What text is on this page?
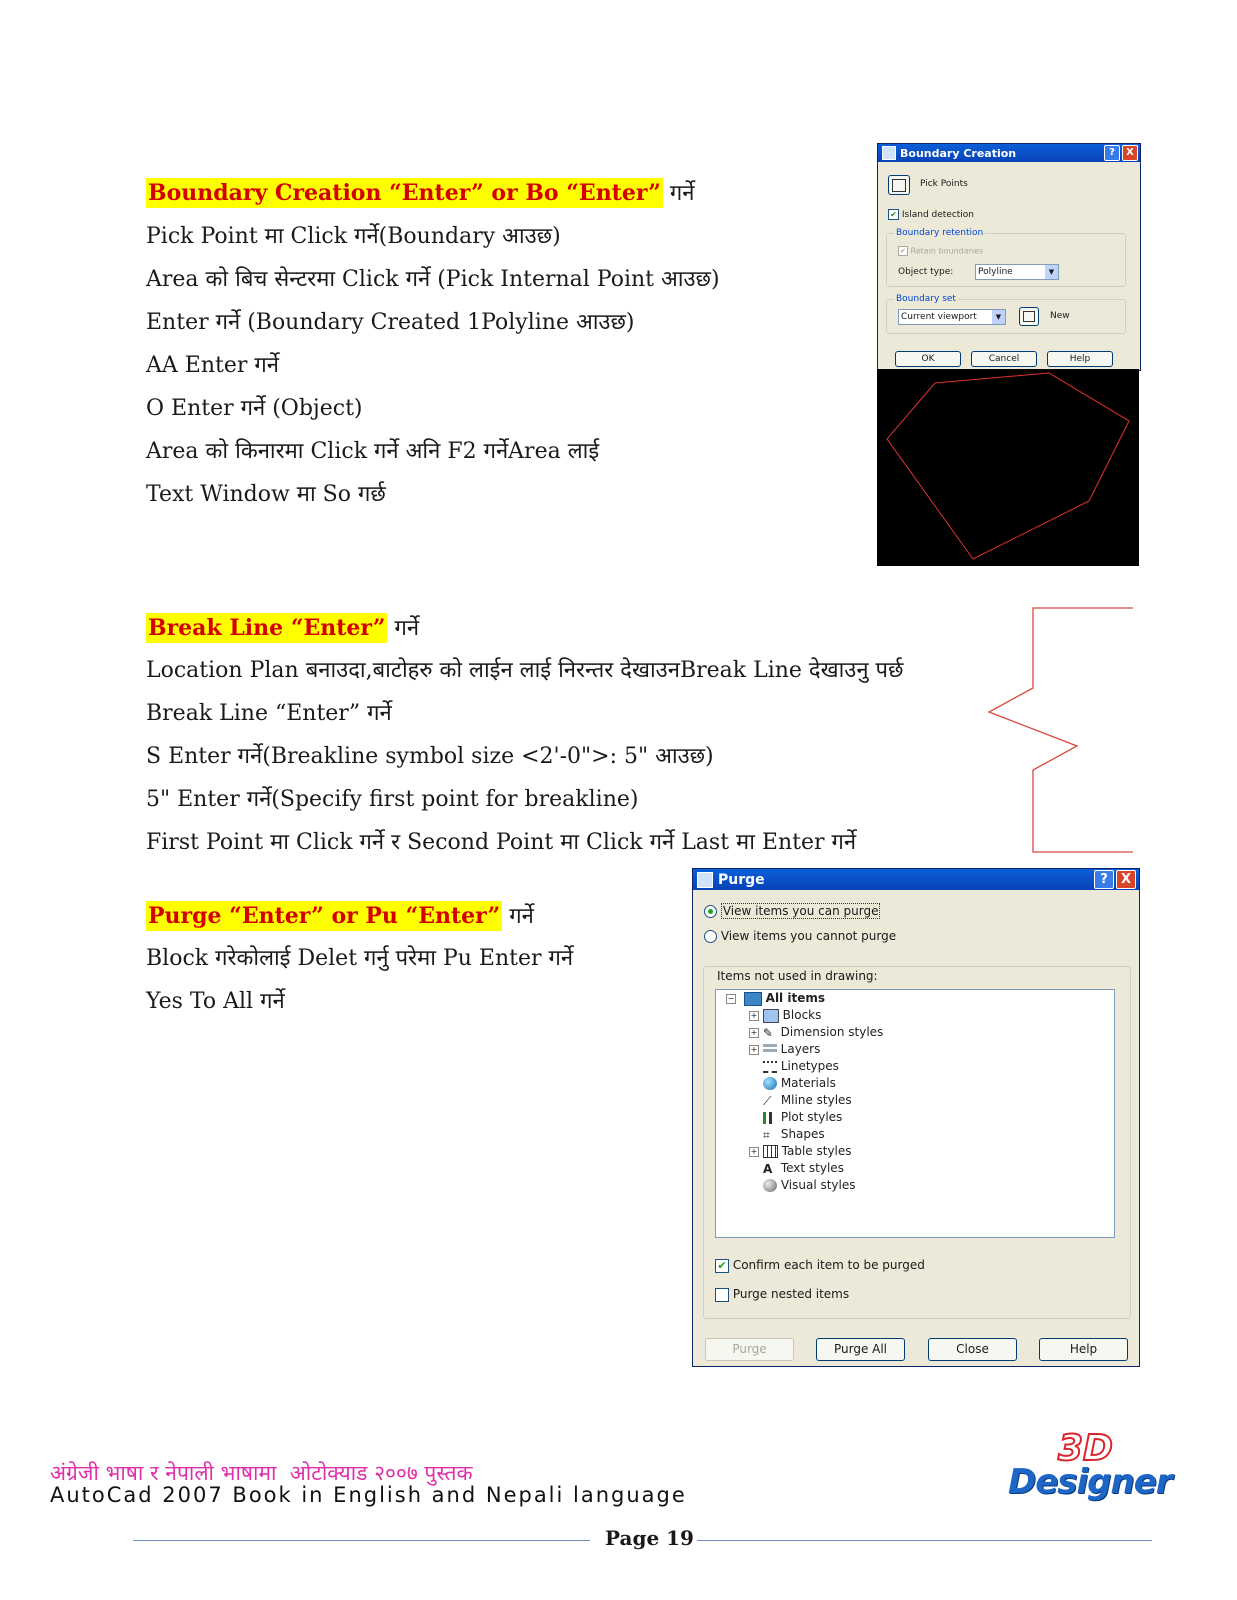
Boundary Creation “Enter” or Bo “Enter” गर्ने
Pick Point मा Click गर्ने(Boundary आउछ)
Area को बिच सेन्टरमा Click गर्ने (Pick Internal Point आउछ)
Enter गर्ने (Boundary Created 1Polyline आउछ)
AA Enter गर्ने
O Enter गर्ने (Object)
Area को किनारमा Click गर्ने अनि F2 गर्नेArea लाई
Text Window मा So गर्छ
Boundary Creation	?	X
Pick Points
✔ Island detection
Boundary retention
✔ Retain boundaries
Object type:	Polyline	▼
Boundary set
Current viewport	▼	New
OK	Cancel	Help
Break Line “Enter” गर्ने
Location Plan बनाउदा,बाटोहरु को लाईन लाई निरन्तर देखाउनBreak Line देखाउनु पर्छ
Break Line “Enter” गर्ने
S Enter गर्ने(Breakline symbol size <2'-0">: 5" आउछ)
5" Enter गर्ने(Specify first point for breakline)
First Point मा Click गर्ने र Second Point मा Click गर्ने Last मा Enter गर्ने
Purge “Enter” or Pu “Enter” गर्ने
Block गरेकोलाई Delet गर्नु परेमा Pu Enter गर्ने
Yes To All गर्ने
Purge	?	X
View items you can purge
View items you cannot purge
Items not used in drawing:
−	All items
+ Blocks
+ ✎ Dimension styles
+ Layers
Linetypes
Materials
⟋ Mline styles
Plot styles
⌗ Shapes
+ Table styles
A Text styles
Visual styles
✔ Confirm each item to be purged
Purge nested items
Purge	Purge All	Close	Help
अंग्रेजी भाषा र नेपाली भाषामा  ओटोक्याड २००७ पुस्तक
AutoCad 2007 Book in English and Nepali language
Page 19
3D
Designer
